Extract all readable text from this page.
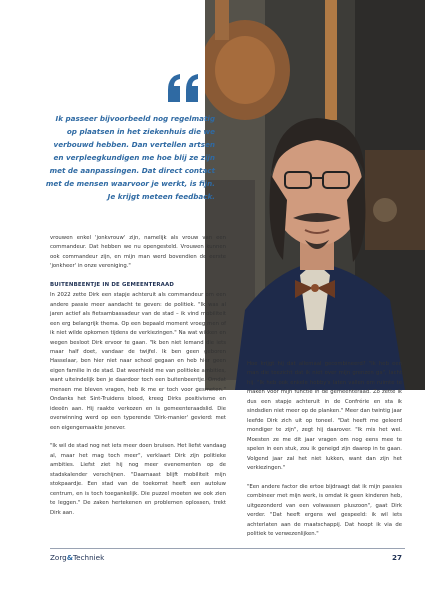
Ik passeer bijvoorbeeld nog regelmatig op plaatsen in het ziekenhuis die we verbouwd hebben. Dan vertellen artsen en verpleegkundigen me hoe blij ze zijn met de aanpassingen. Dat direct contact met de mensen waarvoor je werkt, is fijn. Je krijgt meteen feedback.

vrouwen enkel 'jonkvrouw' zijn, namelijk als vrouw van een commandeur. Dat hebben we nu opengesteld. Vrouwen kunnen ook commandeur zijn, en mijn man werd bovendien de eerste 'jonkheer' in onze vereniging."

BUITENBEENTJE IN DE GEMEENTERAAD

In 2022 zette Dirk een stapje achteruit als commandeur om een andere passie meer aandacht te geven: de politiek. "Ik was al jaren actief als fietsambassadeur van de stad – ik vind mobiliteit een erg belangrijk thema. Op een bepaald moment vroeg men of ik niet wilde opkomen tijdens de verkiezingen." Na wat wikken en wegen besloot Dirk ervoor te gaan. "Ik ben niet lemand die iets maar half doet, vandaar de twijfel. Ik ben geen geboren Hasselaar, ben hier niet naar school gegaan en heb hier geen eigen familie in de stad. Dat weerhield me van politieke ambities, want uiteindelijk ben je daardoor toch een buitenbeentje. Omdat mensen me bleven vragen, heb ik me er toch voor gesmeten." Ondanks het Sint-Truidens bloed, kreeg Dirks positivisme en ideeën aan. Hij raakte verkozen en is gemeenteraadslid. Die overwinning werd op een typerende 'Dirk-manier' gevierd: met een eigengemaakte jenever.

"Ik wil de stad nog net iets meer doen bruisen. Het liefst vandaag al, maar het mag toch meer", verklaart Dirk zijn politieke ambities. Liefst ziet hij nog meer evenementen op de stadskalender verschijnen. "Daarnaast blijft mobiliteit mijn stokpaardje. Een stad van de toekomst heeft een autoluw centrum, en is toch toegankelijk. Die puzzel moeten we ook zien te leggen." De zaken hertekenen en problemen oplossen, trekt Dirk aan.

Hoe krijgt hij dat allemaal gecombineerd? "Ik heb een man die toezicht dat ik niet over mijn grenzen ga", lacht hij. "Ik heb ook enkele hobby's laten vallen om ruimte te maken voor mijn functie in de gemeenteraad. Zo zette ik dus een stapje achteruit in de Confrérie en sta ik sindsdien niet meer op de planken." Meer dan twintig jaar leefde Dirk zich uit op toneel. "Dat heeft me geleerd mondiger te zijn", zegt hij daarover. "Ik mis het wel. Moesten ze me dit jaar vragen om nog eens mee te spelen in een stuk, zou ik geneigd zijn daarop in te gaan. Volgend jaar zal het niet lukken, want dan zijn het verkiezingen."

"Een andere factor die ertoe bijdraagt dat ik mijn passies combineer met mijn werk, is omdat ik geen kinderen heb, uitgezonderd van een volwassen pluszoon", gaat Dirk verder. "Dat heeft ergens wel gespeeld: ik wil iets achterlaten aan de maatschappij. Dat hoopt ik via de politiek te verwezenlijken."

Zorg&Techniek	27
